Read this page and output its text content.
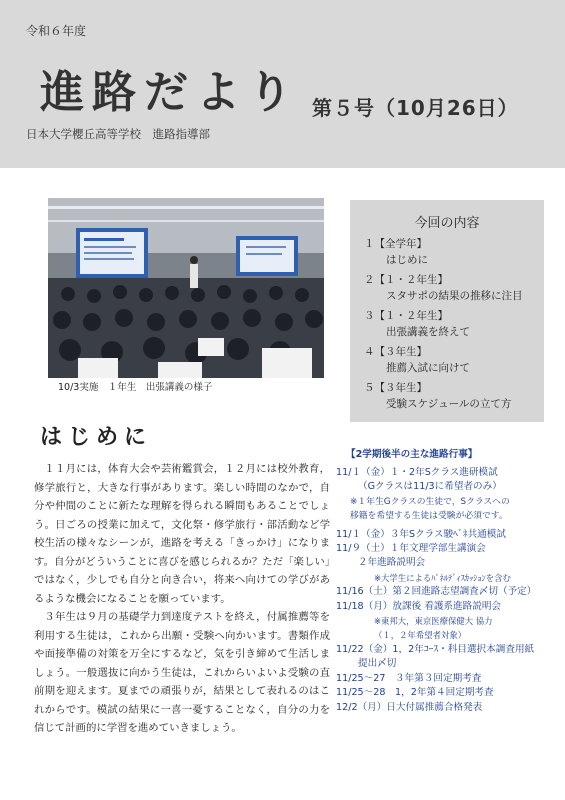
令和６年度
進路だより 第５号（10月26日）
日本大学櫻丘高等学校　進路指導部
10/3実施　１年生　出張講義の様子
今回の内容
１【全学年】
はじめに
２【１・２年生】
スタサポの結果の推移に注目
３【１・２年生】
出張講義を終えて
４【３年生】
推薦入試に向けて
５【３年生】
受験スケジュールの立て方
はじめに

１１月には，体育大会や芸術鑑賞会，１２月には校外教育，修学旅行と，大きな行事があります。楽しい時間のなかで，自分や仲間のことに新たな理解を得られる瞬間もあることでしょう。日ごろの授業に加えて，文化祭・修学旅行・部活動など学校生活の様々なシーンが，進路を考える「きっかけ」になります。自分がどういうことに喜びを感じられるか？ただ「楽しい」ではなく，少しでも自分と向き合い，将来へ向けての学びがあるような機会になることを願っています。

３年生は９月の基礎学力到達度テストを終え，付属推薦等を利用する生徒は，これから出願・受験へ向かいます。書類作成や面接準備の対策を万全にするなど，気を引き締めて生活しましょう。一般選抜に向かう生徒は，これからいよいよ受験の直前期を迎えます。夏までの頑張りが，結果として表れるのはこれからです。模試の結果に一喜一憂することなく，自分の力を信じて計画的に学習を進めていきましょう。

【2学期後半の主な進路行事】
11/１（金）１・2年Sクラス進研模試
（Gクラスは11/3に希望者のみ）
※１年生Gクラスの生徒で，Sクラスへの
移籍を希望する生徒は受験が必須です。
11/１（金）３年Sクラス駿ﾍﾞﾈ共通模試
11/９（土）１年文理学部生講演会
２年進路説明会
※大学生によるﾊﾟﾈﾙﾃﾞｨｽｶｯｼｮﾝを含む
11/16（土）第２回進路志望調査〆切（予定）
11/18（月）放課後 看護系進路説明会
※東邦大，東京医療保健大 協力
（１，２年希望者対象）
11/22（金）1，2年ｺｰｽ・科目選択本調査用紙
提出〆切
11/25～27　３年第３回定期考査
11/25～28　1，2年第４回定期考査
12/2（月）日大付属推薦合格発表
